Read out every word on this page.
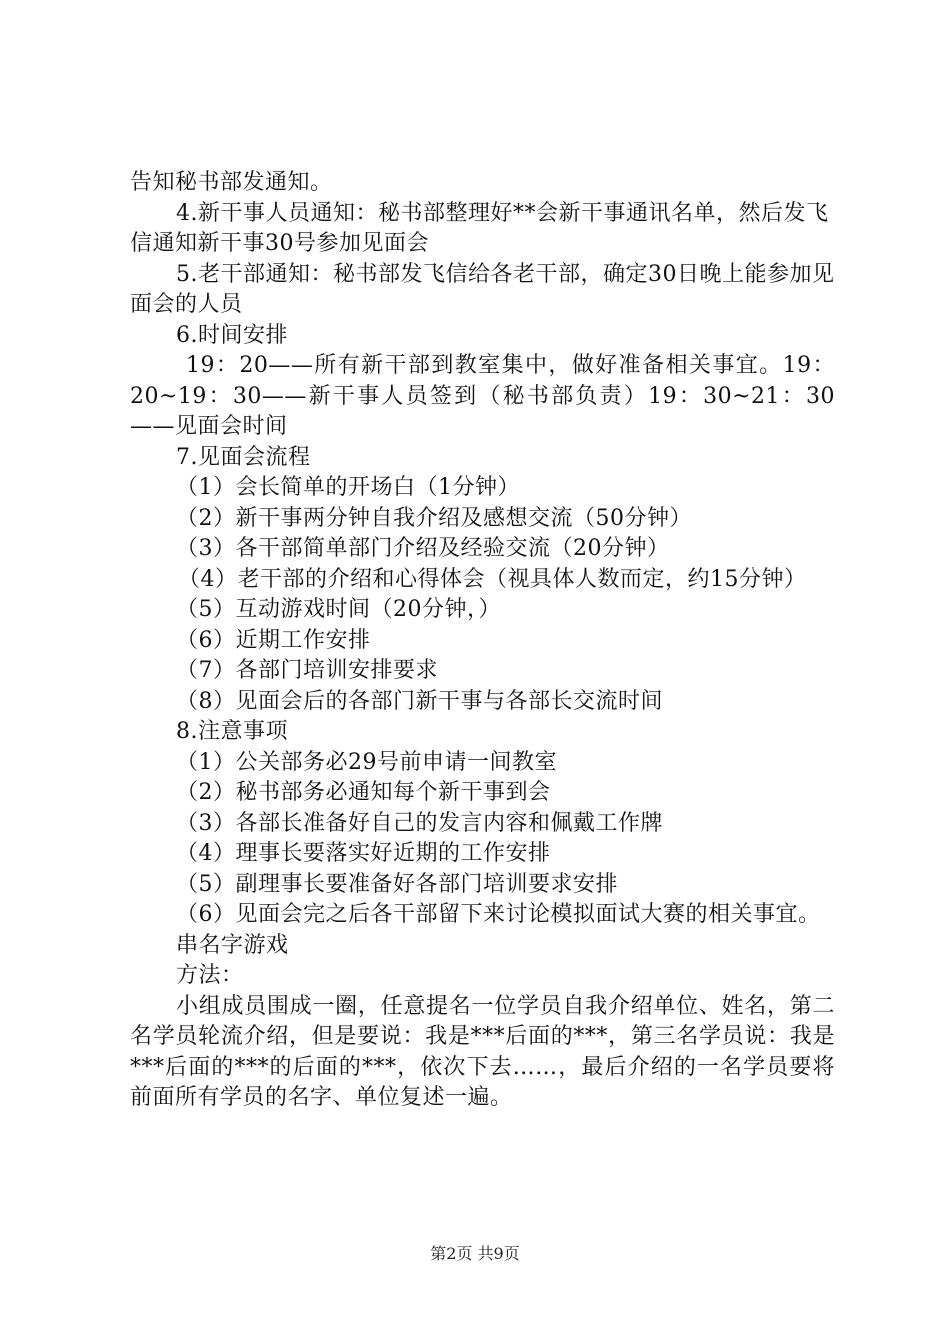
告知秘书部发通知。

4.新干事人员通知：秘书部整理好**会新干事通讯名单，然后发飞信通知新干事30号参加见面会

5.老干部通知：秘书部发飞信给各老干部，确定30日晚上能参加见面会的人员

6.时间安排

19：20——所有新干部到教室集中，做好准备相关事宜。19：20~19：30——新干事人员签到（秘书部负责）19：30~21：30——见面会时间

7.见面会流程

（1）会长简单的开场白（1分钟）

（2）新干事两分钟自我介绍及感想交流（50分钟）

（3）各干部简单部门介绍及经验交流（20分钟）

（4）老干部的介绍和心得体会（视具体人数而定，约15分钟）

（5）互动游戏时间（20分钟，）

（6）近期工作安排

（7）各部门培训安排要求

（8）见面会后的各部门新干事与各部长交流时间

8.注意事项

（1）公关部务必29号前申请一间教室

（2）秘书部务必通知每个新干事到会

（3）各部长准备好自己的发言内容和佩戴工作牌

（4）理事长要落实好近期的工作安排

（5）副理事长要准备好各部门培训要求安排

（6）见面会完之后各干部留下来讨论模拟面试大赛的相关事宜。

串名字游戏

方法：

小组成员围成一圈，任意提名一位学员自我介绍单位、姓名，第二名学员轮流介绍，但是要说：我是***后面的***，第三名学员说：我是***后面的***的后面的***，依次下去……，最后介绍的一名学员要将前面所有学员的名字、单位复述一遍。

第2页 共9页
